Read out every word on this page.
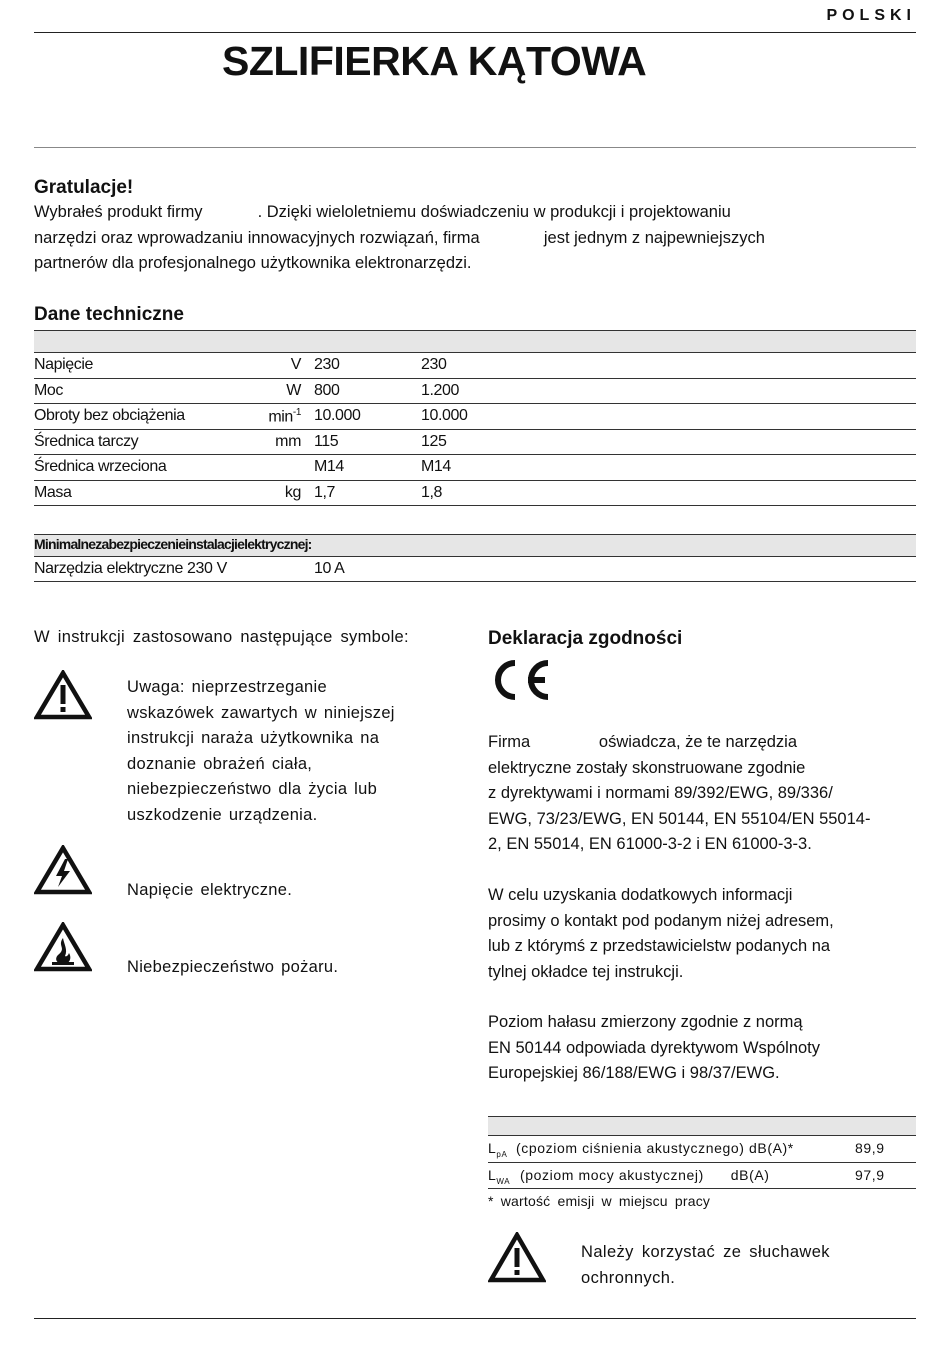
POLSKI
SZLIFIERKA KĄTOWA
Gratulacje!

Wybrałeś produkt firmy            . Dzięki wieloletniemu doświadczeniu w produkcji i projektowaniu

narzędzi oraz wprowadzaniu innowacyjnych rozwiązań, firma              jest jednym z najpewniejszych

partnerów dla profesjonalnego użytkownika elektronarzędzi.

Dane techniczne
Napięcie	V 230	230
Moc	W 800	1.200
Obroty bez obciążenia	$\min^{-1} 10.000$	10.000
Średnica tarczy	mm 115	125
Średnica wrzeciona	M14	M14
Masa	kg 1,7	1,8
Minimalnezabezpieczenieinstalacjielektrycznej:
Narzędzia elektryczne 230 V	10 A

W instrukcji zastosowano następujące symbole:

Uwaga: nieprzestrzeganie

wskazówek zawartych w niniejszej

instrukcji naraża użytkownika na

doznanie obrażeń ciała,

niebezpieczeństwo dla życia lub

uszkodzenie urządzenia.

Napięcie elektryczne.

Niebezpieczeństwo pożaru.

Deklaracja zgodności

Firma               oświadcza, że te narzędzia

elektryczne zostały skonstruowane zgodnie

z dyrektywami i normami 89/392/EWG, 89/336/

EWG, 73/23/EWG, EN 50144, EN 55104/EN 55014-

2, EN 55014, EN 61000-3-2 i EN 61000-3-3.

W celu uzyskania dodatkowych informacji

prosimy o kontakt pod podanym niżej adresem,

lub z którymś z przedstawicielstw podanych na

tylnej okładce tej instrukcji.

Poziom hałasu zmierzony zgodnie z normą

EN 50144 odpowiada dyrektywom Wspólnoty

Europejskiej 86/188/EWG i 98/37/EWG.

$L_{pA}$ (cpoziom ciśnienia akustycznego) dB(A)*	89,9
$L_{WA}$ (poziom mocy akustycznej)      dB(A)	97,9
* wartość emisji w miejscu pracy

Należy korzystać ze słuchawek

ochronnych.
